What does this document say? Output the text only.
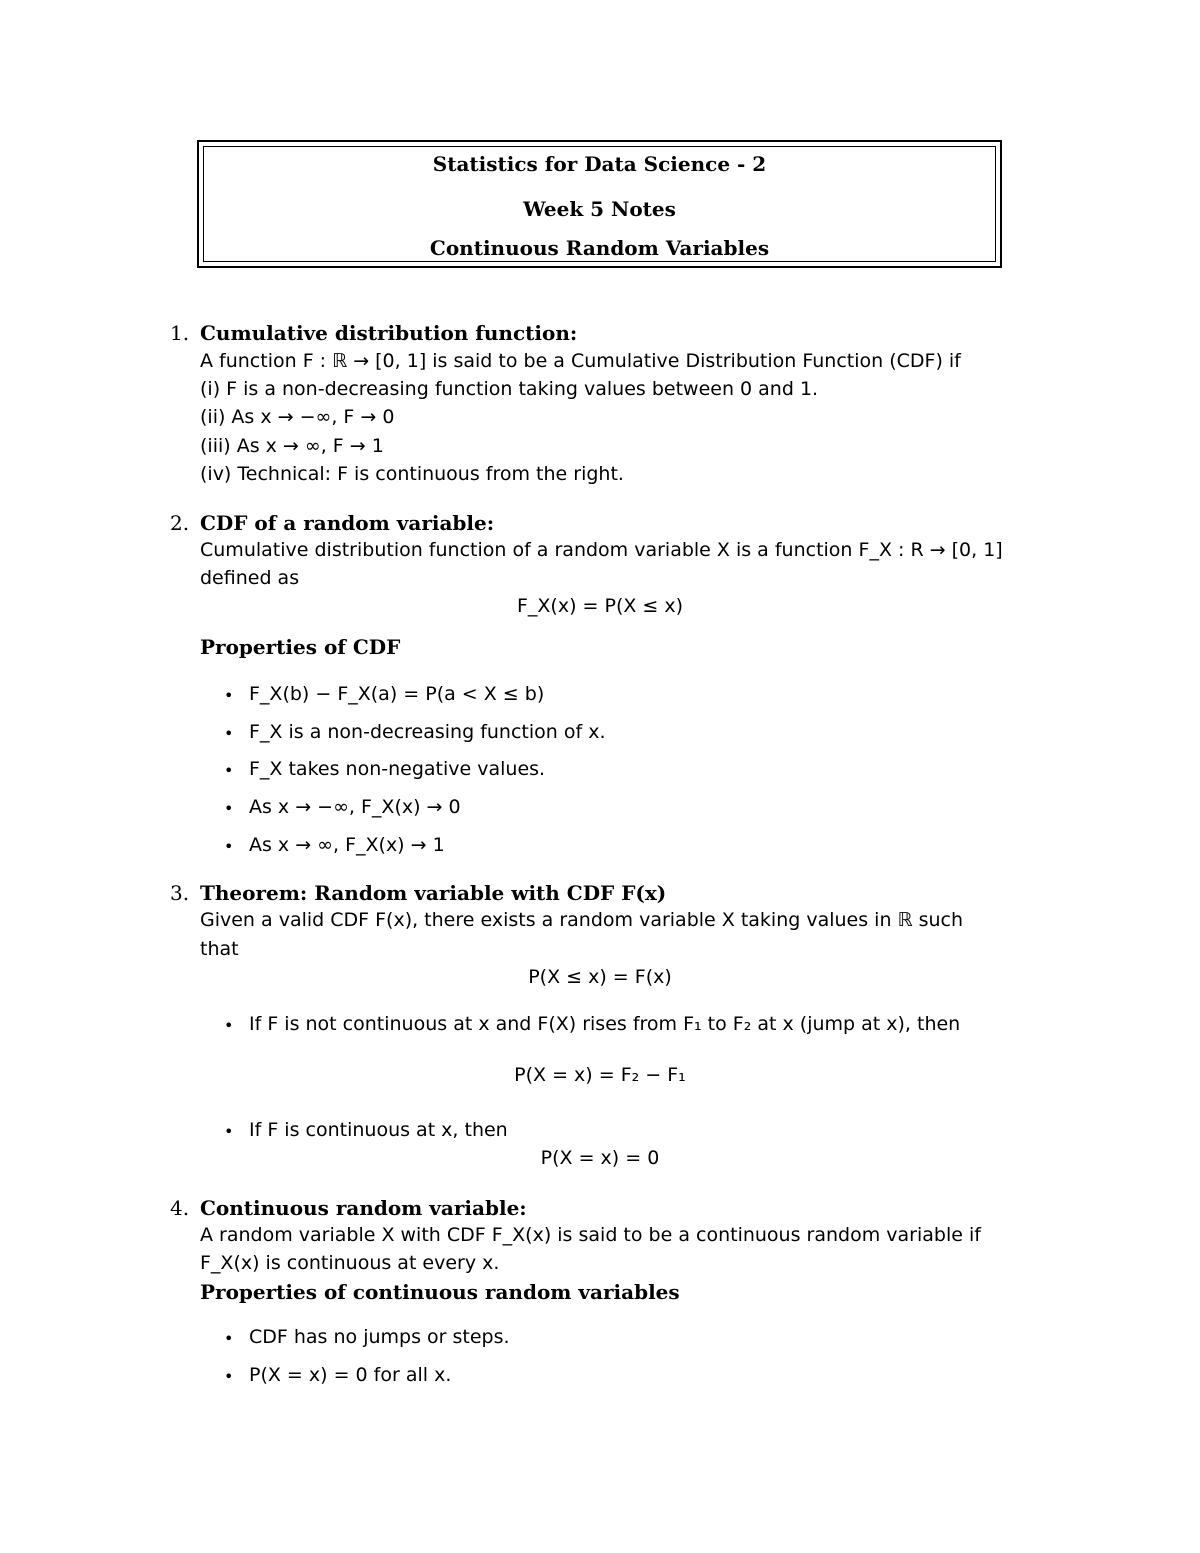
Statistics for Data Science - 2
Week 5 Notes
Continuous Random Variables
1. Cumulative distribution function:
A function F : ℝ → [0, 1] is said to be a Cumulative Distribution Function (CDF) if
(i) F is a non-decreasing function taking values between 0 and 1.
(ii) As x → −∞, F → 0
(iii) As x → ∞, F → 1
(iv) Technical: F is continuous from the right.
2. CDF of a random variable:
Cumulative distribution function of a random variable X is a function F_X : R → [0, 1]
defined as
F_X(x) = P(X ≤ x)
Properties of CDF
• F_X(b) − F_X(a) = P(a < X ≤ b)
• F_X is a non-decreasing function of x.
• F_X takes non-negative values.
• As x → −∞, F_X(x) → 0
• As x → ∞, F_X(x) → 1
3. Theorem: Random variable with CDF F(x)
Given a valid CDF F(x), there exists a random variable X taking values in ℝ such
that
P(X ≤ x) = F(x)
• If F is not continuous at x and F(X) rises from F₁ to F₂ at x (jump at x), then
P(X = x) = F₂ − F₁
• If F is continuous at x, then
P(X = x) = 0
4. Continuous random variable:
A random variable X with CDF F_X(x) is said to be a continuous random variable if
F_X(x) is continuous at every x.
Properties of continuous random variables
• CDF has no jumps or steps.
• P(X = x) = 0 for all x.
